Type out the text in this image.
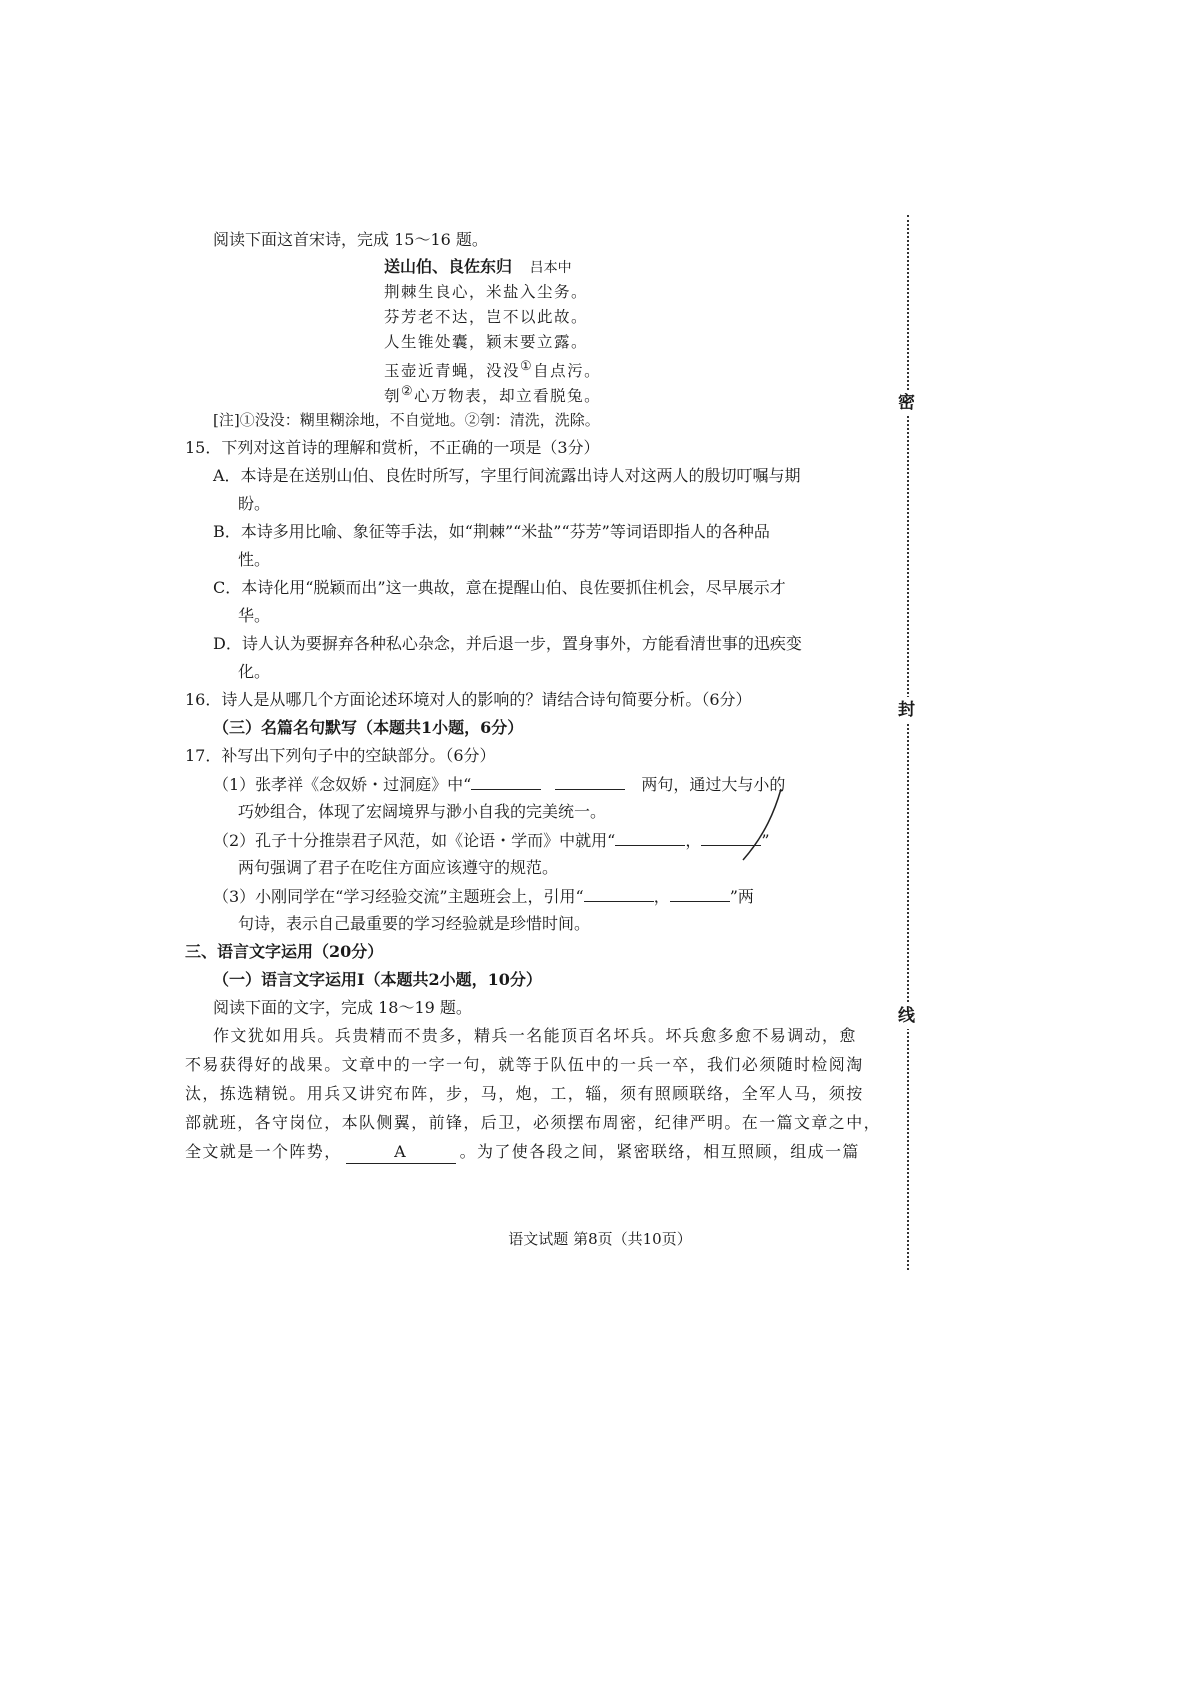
阅读下面这首宋诗，完成 15～16 题。
送山伯、良佐东归 吕本中
荆棘生良心，米盐入尘务。
芬芳老不达，岂不以此故。
人生锥处囊，颖末要立露。
玉壶近青蝇，没没①自点污。
刳②心万物表，却立看脱兔。
[注]①没没：糊里糊涂地，不自觉地。②刳：清洗，洗除。
15．下列对这首诗的理解和赏析，不正确的一项是（3分）
A．本诗是在送别山伯、良佐时所写，字里行间流露出诗人对这两人的殷切叮嘱与期
盼。
B．本诗多用比喻、象征等手法，如“荆棘”“米盐”“芬芳”等词语即指人的各种品
性。
C．本诗化用“脱颖而出”这一典故，意在提醒山伯、良佐要抓住机会，尽早展示才
华。
D．诗人认为要摒弃各种私心杂念，并后退一步，置身事外，方能看清世事的迅疾变
化。
16．诗人是从哪几个方面论述环境对人的影响的？请结合诗句简要分析。（6分）
（三）名篇名句默写（本题共1小题，6分）
17．补写出下列句子中的空缺部分。（6分）
（1）张孝祥《念奴娇・过洞庭》中“	两句，通过大与小的
巧妙组合，体现了宏阔境界与渺小自我的完美统一。
（2）孔子十分推崇君子风范，如《论语・学而》中就用“	，	”
两句强调了君子在吃住方面应该遵守的规范。
（3）小刚同学在“学习经验交流”主题班会上，引用“	，	”两
句诗，表示自己最重要的学习经验就是珍惜时间。
三、语言文字运用（20分）
（一）语言文字运用Ⅰ（本题共2小题，10分）
阅读下面的文字，完成 18～19 题。
作文犹如用兵。兵贵精而不贵多，精兵一名能顶百名坏兵。坏兵愈多愈不易调动，愈
不易获得好的战果。文章中的一字一句，就等于队伍中的一兵一卒，我们必须随时检阅淘
汰，拣选精锐。用兵又讲究布阵，步，马，炮，工，辎，须有照顾联络，全军人马，须按
部就班，各守岗位，本队侧翼，前锋，后卫，必须摆布周密，纪律严明。在一篇文章之中，
全文就是一个阵势，	A	。为了使各段之间，紧密联络，相互照顾，组成一篇
语文试题 第8页（共10页）
密
封
线
